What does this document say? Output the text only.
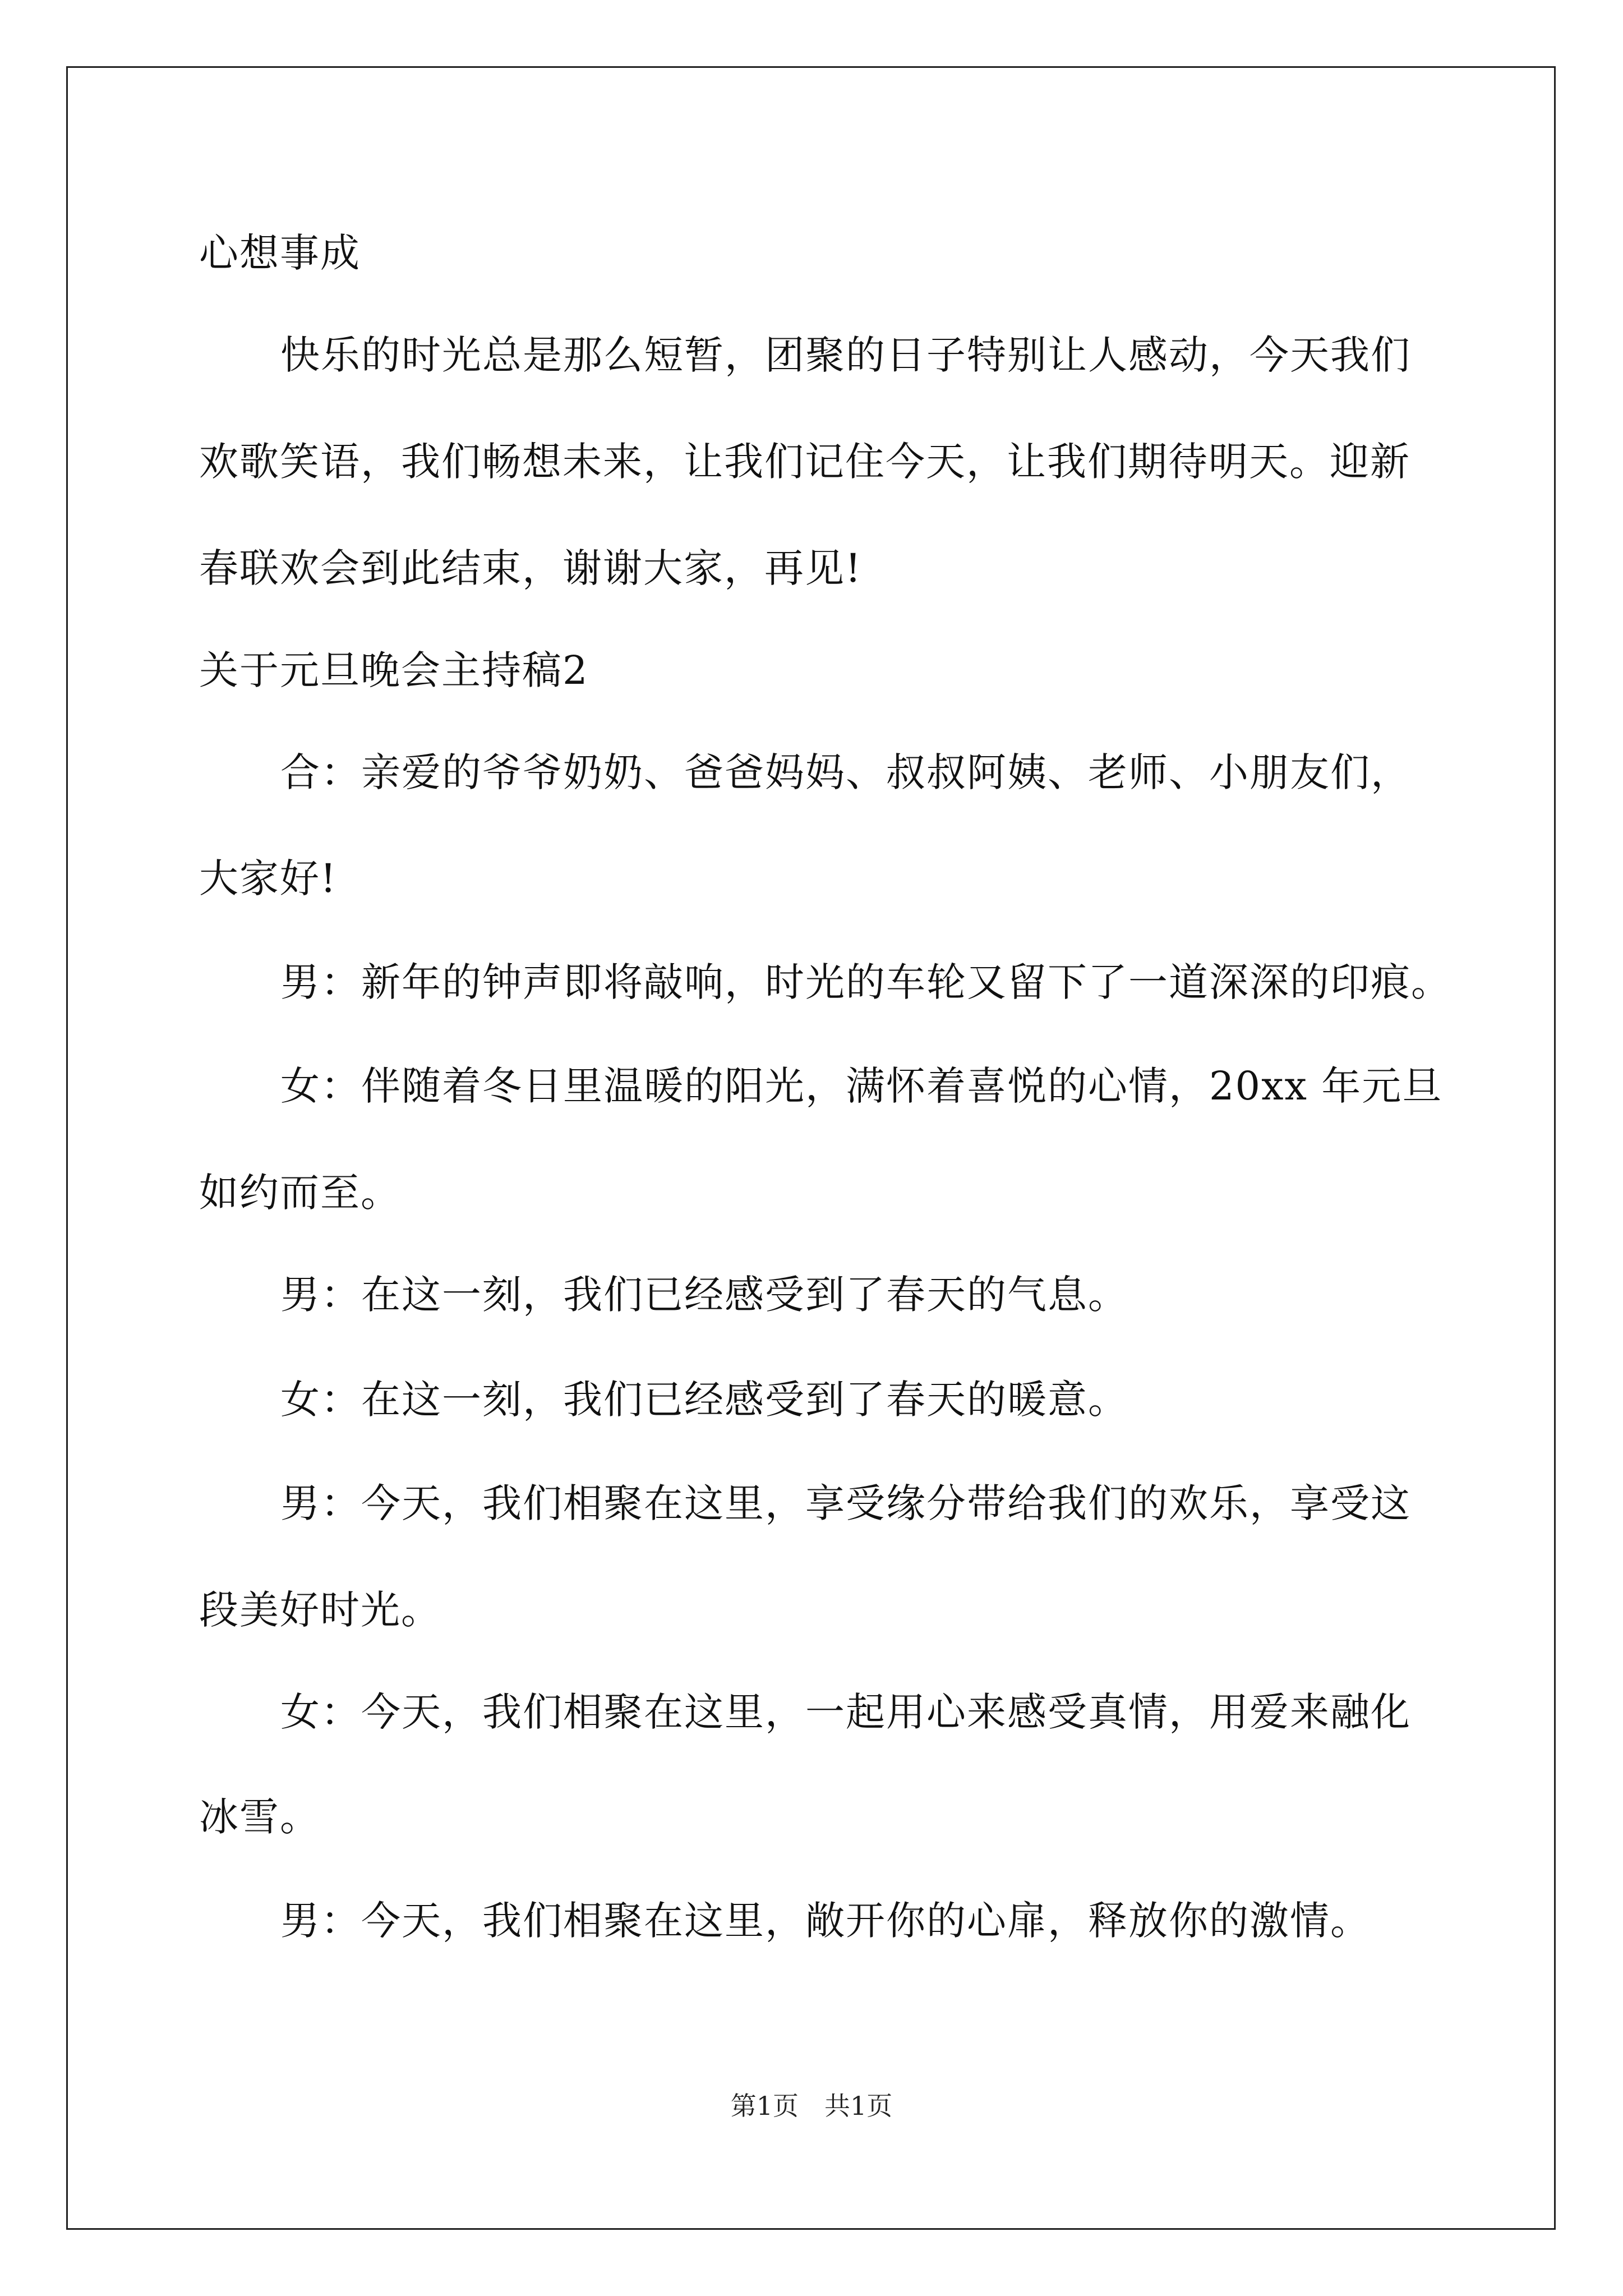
心想事成
快乐的时光总是那么短暂，团聚的日子特别让人感动，今天我们
欢歌笑语，我们畅想未来，让我们记住今天，让我们期待明天。迎新
春联欢会到此结束，谢谢大家，再见!
关于元旦晚会主持稿2
合：亲爱的爷爷奶奶、爸爸妈妈、叔叔阿姨、老师、小朋友们，
大家好!
男：新年的钟声即将敲响，时光的车轮又留下了一道深深的印痕。
女：伴随着冬日里温暖的阳光，满怀着喜悦的心情，20xx 年元旦
如约而至。
男：在这一刻，我们已经感受到了春天的气息。
女：在这一刻，我们已经感受到了春天的暖意。
男：今天，我们相聚在这里，享受缘分带给我们的欢乐，享受这
段美好时光。
女：今天，我们相聚在这里，一起用心来感受真情，用爱来融化
冰雪。
男：今天，我们相聚在这里，敞开你的心扉，释放你的激情。
第1页　共1页
